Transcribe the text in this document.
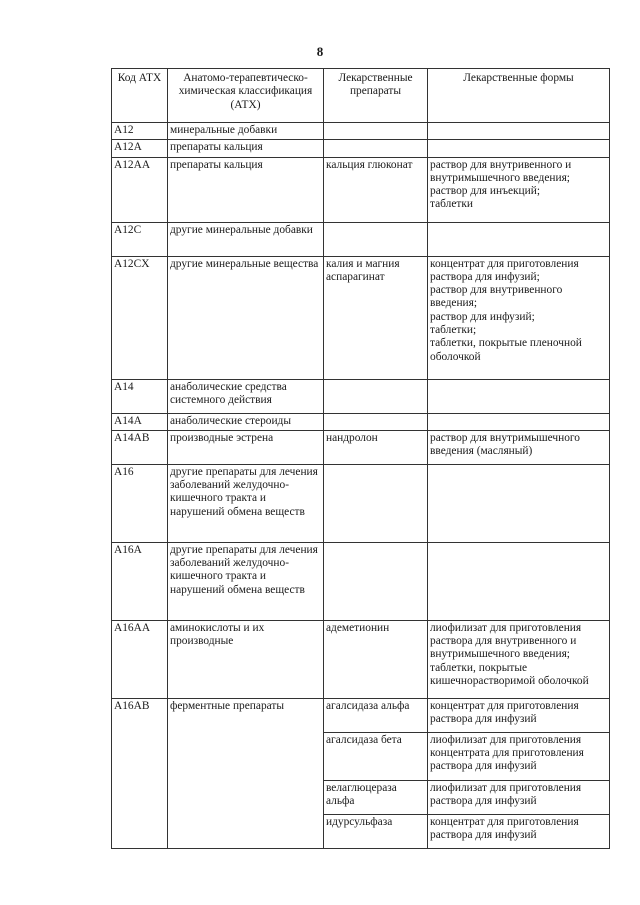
8
Код АТХ	Анатомо-терапевтическо-химическая классификация (АТХ)	Лекарственные препараты	Лекарственные формы
A12	минеральные добавки		
A12A	препараты кальция		
A12AA	препараты кальция	кальция глюконат	раствор для внутривенного и внутримышечного введения;
раствор для инъекций;
таблетки

A12C	другие минеральные добавки		
A12CX	другие минеральные вещества	калия и магния аспарагинат	концентрат для приготовления раствора для инфузий;
раствор для внутривенного введения;
раствор для инфузий;
таблетки;
таблетки, покрытые пленочной оболочкой

A14	анаболические средства системного действия		
A14A	анаболические стероиды		
A14AB	производные эстрена	нандролон	раствор для внутримышечного введения (масляный)

A16	другие препараты для лечения заболеваний желудочно-кишечного тракта и нарушений обмена веществ		
A16A	другие препараты для лечения заболеваний желудочно-кишечного тракта и нарушений обмена веществ		
A16AA	аминокислоты и их производные	адеметионин	лиофилизат для приготовления раствора для внутривенного и внутримышечного введения;
таблетки, покрытые кишечнорастворимой оболочкой

A16AB	ферментные препараты	агалсидаза альфа	концентрат для приготовления раствора для инфузий

		агалсидаза бета	лиофилизат для приготовления концентрата для приготовления раствора для инфузий

		велаглюцераза альфа	лиофилизат для приготовления раствора для инфузий

		идурсульфаза	концентрат для приготовления раствора для инфузий
